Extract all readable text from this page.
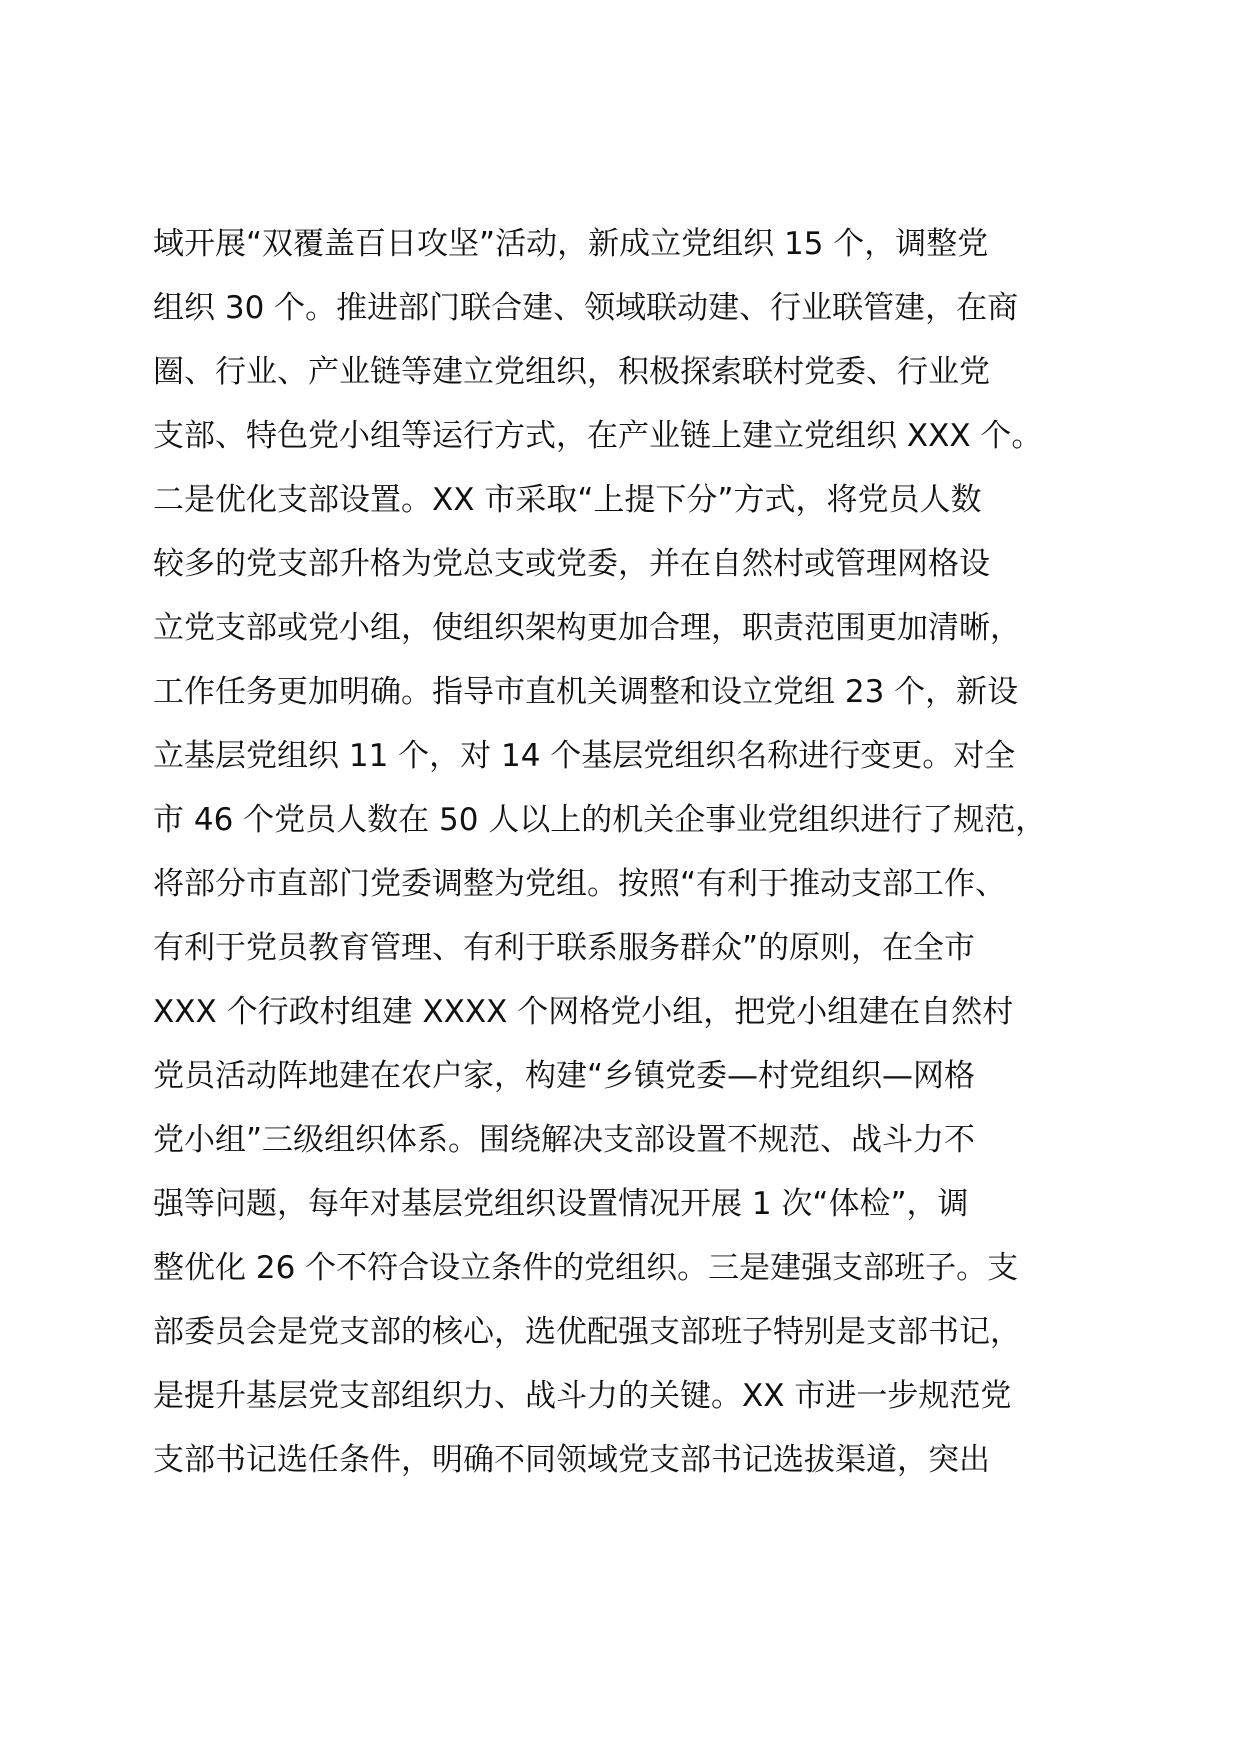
域开展“双覆盖百日攻坚”活动，新成立党组织 15 个，调整党
组织 30 个。推进部门联合建、领域联动建、行业联管建，在商
圈、行业、产业链等建立党组织，积极探索联村党委、行业党
支部、特色党小组等运行方式，在产业链上建立党组织 XXX 个。
二是优化支部设置。XX 市采取“上提下分”方式，将党员人数
较多的党支部升格为党总支或党委，并在自然村或管理网格设
立党支部或党小组，使组织架构更加合理，职责范围更加清晰，
工作任务更加明确。指导市直机关调整和设立党组 23 个，新设
立基层党组织 11 个，对 14 个基层党组织名称进行变更。对全
市 46 个党员人数在 50 人以上的机关企事业党组织进行了规范，
将部分市直部门党委调整为党组。按照“有利于推动支部工作、
有利于党员教育管理、有利于联系服务群众”的原则，在全市
XXX 个行政村组建 XXXX 个网格党小组，把党小组建在自然村
党员活动阵地建在农户家，构建“乡镇党委—村党组织—网格
党小组”三级组织体系。围绕解决支部设置不规范、战斗力不
强等问题，每年对基层党组织设置情况开展 1 次“体检”，调
整优化 26 个不符合设立条件的党组织。三是建强支部班子。支
部委员会是党支部的核心，选优配强支部班子特别是支部书记，
是提升基层党支部组织力、战斗力的关键。XX 市进一步规范党
支部书记选任条件，明确不同领域党支部书记选拔渠道，突出
